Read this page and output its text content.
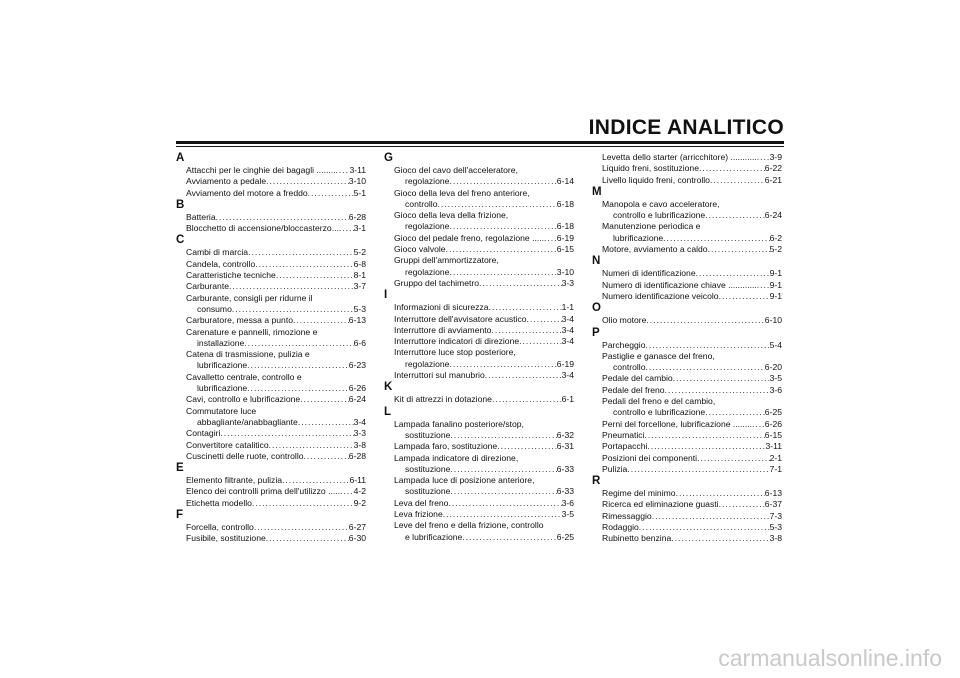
INDICE ANALITICO
A
Attacchi per le cinghie dei bagagli ........ ..... 3-11
Avviamento a pedale .....	3-10
Avviamento del motore a freddo .....	5-1
B
Batteria .....	6-28
Blocchetto di accensione/bloccasterzo... ..... 3-1
C
Cambi di marcia .....	5-2
Candela, controllo .....	6-8
Caratteristiche tecniche .....	8-1
Carburante .....	3-7
Carburante, consigli per ridurne il
consumo .....	5-3
Carburatore, messa a punto .....	6-13
Carenature e pannelli, rimozione e
installazione .....	6-6
Catena di trasmissione, pulizia e
lubrificazione .....	6-23
Cavalletto centrale, controllo e
lubrificazione .....	6-26
Cavi, controllo e lubrificazione .....	6-24
Commutatore luce
abbagliante/anabbagliante .....	3-4
Contagiri .....	3-3
Convertitore catalitico .....	3-8
Cuscinetti delle ruote, controllo .....	6-28
E
Elemento filtrante, pulizia .....	6-11
Elenco dei controlli prima dell'utilizzo ..... ..... 4-2
Etichetta modello .....	9-2
F
Forcella, controllo .....	6-27
Fusibile, sostituzione .....	6-30
G
Gioco del cavo dell'acceleratore,
regolazione .....	6-14
Gioco della leva del freno anteriore,
controllo .....	6-18
Gioco della leva della frizione,
regolazione .....	6-18
Gioco del pedale freno, regolazione ..... ..... 6-19
Gioco valvole .....	6-15
Gruppi dell'ammortizzatore,
regolazione .....	3-10
Gruppo del tachimetro .....	3-3
I
Informazioni di sicurezza .....	1-1
Interruttore dell'avvisatore acustico .....	3-4
Interruttore di avviamento .....	3-4
Interruttore indicatori di direzione .....	3-4
Interruttore luce stop posteriore,
regolazione .....	6-19
Interruttori sul manubrio .....	3-4
K
Kit di attrezzi in dotazione .....	6-1
L
Lampada fanalino posteriore/stop,
sostituzione .....	6-32
Lampada faro, sostituzione .....	6-31
Lampada indicatore di direzione,
sostituzione .....	6-33
Lampada luce di posizione anteriore,
sostituzione .....	6-33
Leva del freno .....	3-6
Leva frizione .....	3-5
Leve del freno e della frizione, controllo
e lubrificazione .....	6-25
Levetta dello starter (arricchitore) ........... ..... 3-9
Liquido freni, sostituzione .....	6-22
Livello liquido freni, controllo .....	6-21
M
Manopola e cavo acceleratore,
controllo e lubrificazione .....	6-24
Manutenzione periodica e
lubrificazione .....	6-2
Motore, avviamento a caldo .....	5-2
N
Numeri di identificazione .....	9-1
Numero di identificazione chiave ............ ..... 9-1
Numero identificazione veicolo .....	9-1
O
Olio motore .....	6-10
P
Parcheggio .....	5-4
Pastiglie e ganasce del freno,
controllo .....	6-20
Pedale del cambio .....	3-5
Pedale del freno .....	3-6
Pedali del freno e del cambio,
controllo e lubrificazione .....	6-25
Perni del forcellone, lubrificazione ........ ..... 6-26
Pneumatici .....	6-15
Portapacchi .....	3-11
Posizioni dei componenti .....	2-1
Pulizia .....	7-1
R
Regime del minimo .....	6-13
Ricerca ed eliminazione guasti .....	6-37
Rimessaggio .....	7-3
Rodaggio .....	5-3
Rubinetto benzina .....	3-8
carmanualsonline.info
